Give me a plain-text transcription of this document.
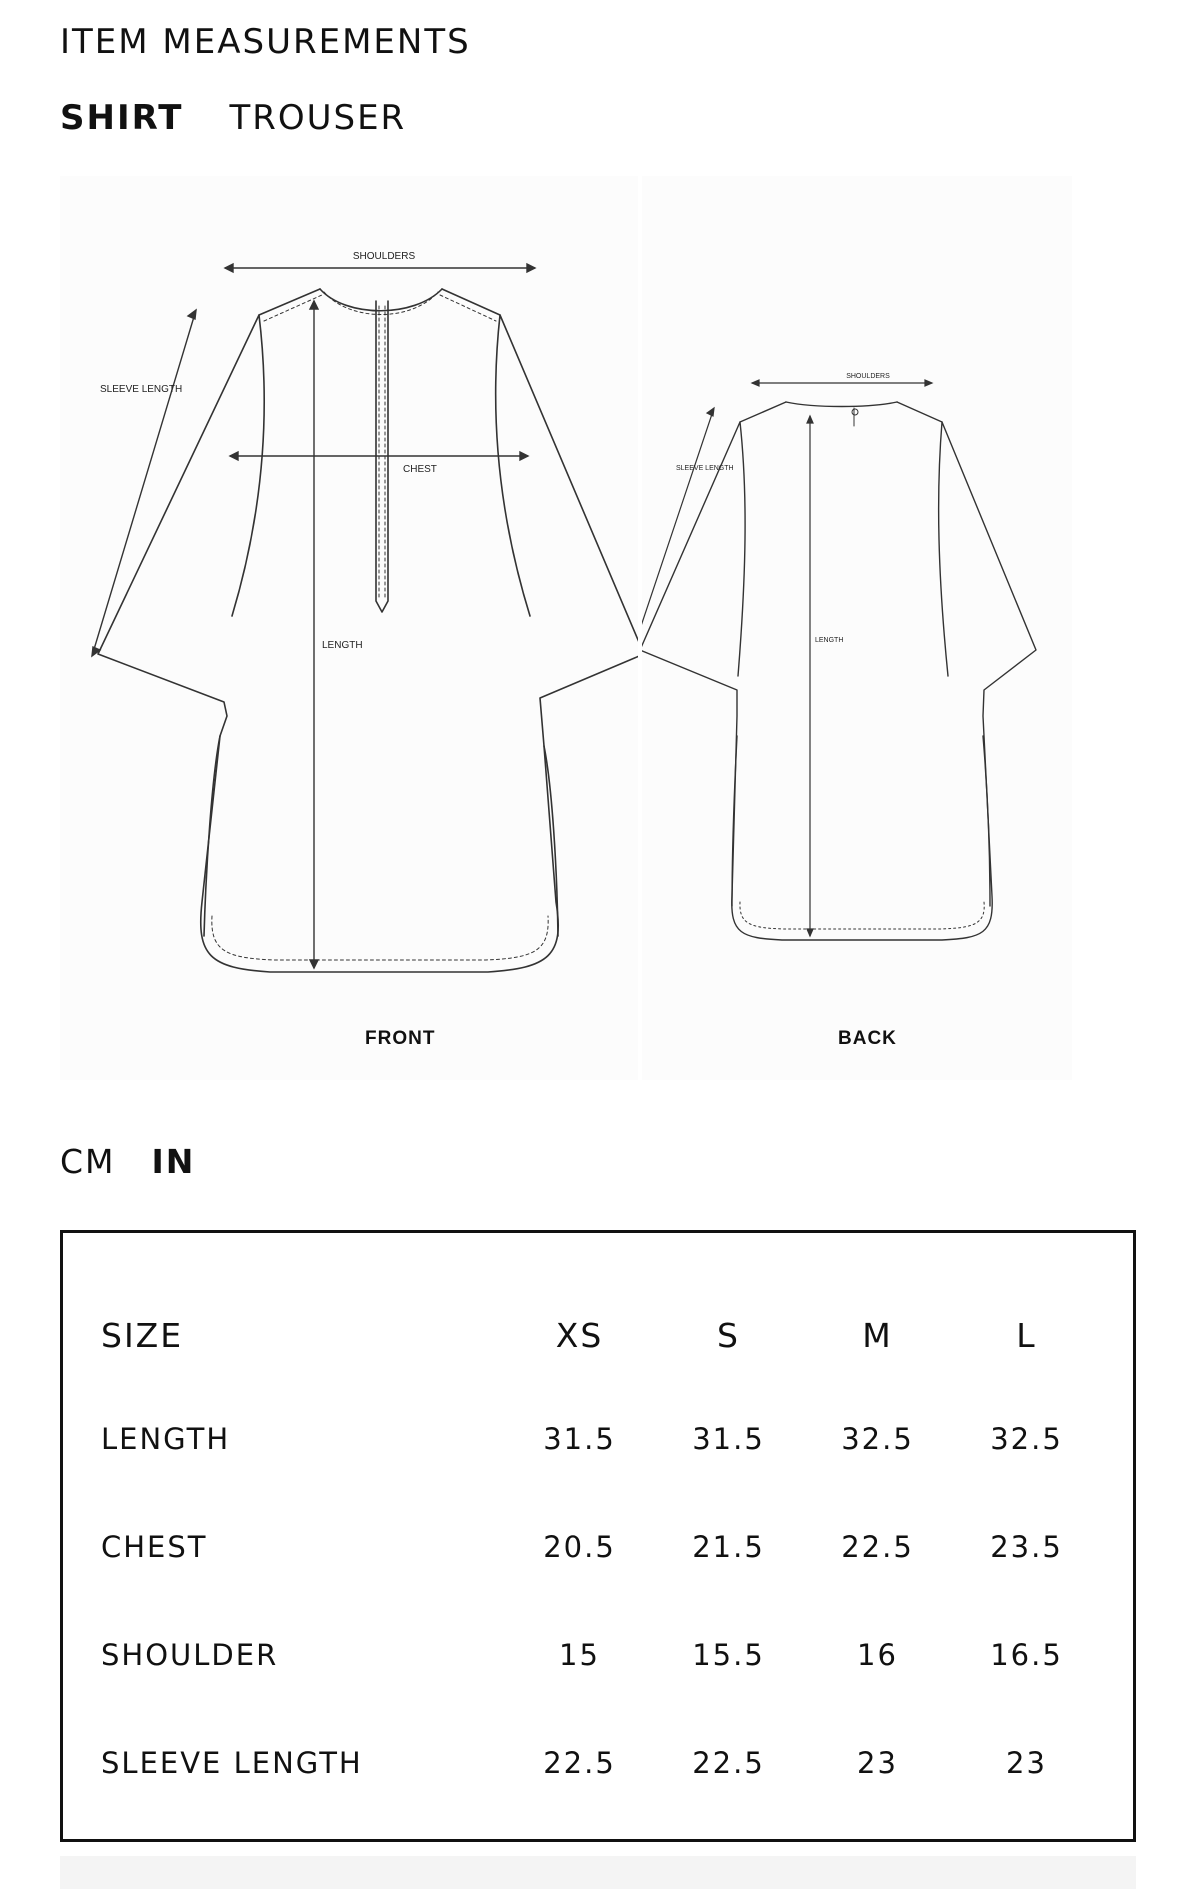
ITEM MEASUREMENTS
SHIRT TROUSER
SHOULDERS
SLEEVE LENGTH
CHEST
LENGTH
FRONT
SHOULDERS
SLEEVE LENGTH
LENGTH
BACK
CM IN
SIZE	XS	S	M	L
LENGTH	31.5	31.5	32.5	32.5
CHEST	20.5	21.5	22.5	23.5
SHOULDER	15	15.5	16	16.5
SLEEVE LENGTH	22.5	22.5	23	23
